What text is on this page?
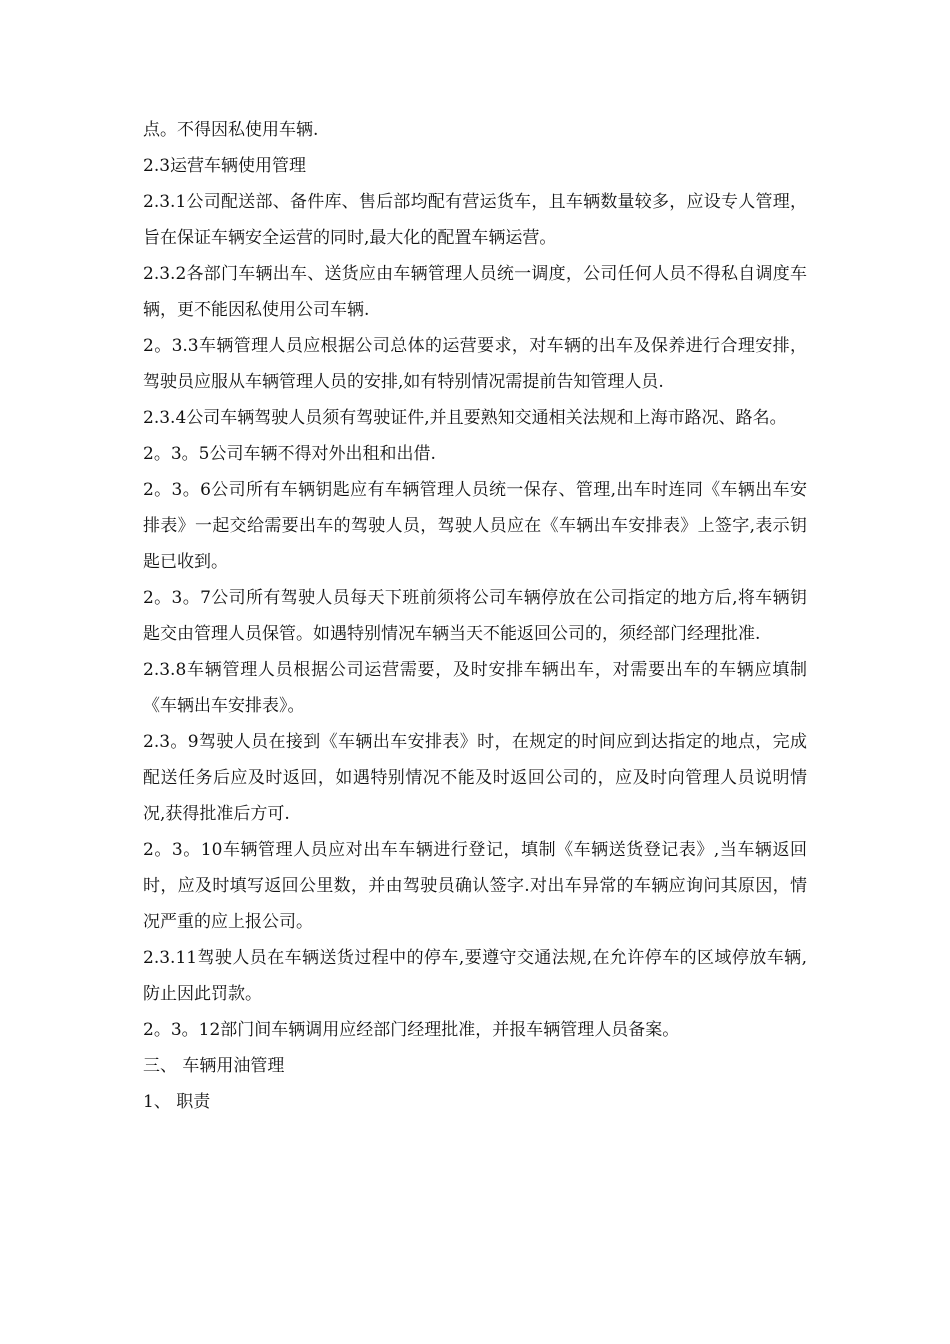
点。不得因私使用车辆.

2.3运营车辆使用管理

2.3.1公司配送部、备件库、售后部均配有营运货车，且车辆数量较多，应设专人管理，旨在保证车辆安全运营的同时,最大化的配置车辆运营。

2.3.2各部门车辆出车、送货应由车辆管理人员统一调度，公司任何人员不得私自调度车辆，更不能因私使用公司车辆.

2。3.3车辆管理人员应根据公司总体的运营要求，对车辆的出车及保养进行合理安排，驾驶员应服从车辆管理人员的安排,如有特别情况需提前告知管理人员.

2.3.4公司车辆驾驶人员须有驾驶证件,并且要熟知交通相关法规和上海市路况、路名。

2。3。5公司车辆不得对外出租和出借.

2。3。6公司所有车辆钥匙应有车辆管理人员统一保存、管理,出车时连同《车辆出车安排表》一起交给需要出车的驾驶人员，驾驶人员应在《车辆出车安排表》上签字,表示钥匙已收到。

2。3。7公司所有驾驶人员每天下班前须将公司车辆停放在公司指定的地方后,将车辆钥匙交由管理人员保管。如遇特别情况车辆当天不能返回公司的，须经部门经理批准.

2.3.8车辆管理人员根据公司运营需要，及时安排车辆出车，对需要出车的车辆应填制《车辆出车安排表》。

2.3。9驾驶人员在接到《车辆出车安排表》时，在规定的时间应到达指定的地点，完成配送任务后应及时返回，如遇特别情况不能及时返回公司的，应及时向管理人员说明情况,获得批准后方可.

2。3。10车辆管理人员应对出车车辆进行登记，填制《车辆送货登记表》,当车辆返回时，应及时填写返回公里数，并由驾驶员确认签字.对出车异常的车辆应询问其原因，情况严重的应上报公司。

2.3.11驾驶人员在车辆送货过程中的停车,要遵守交通法规,在允许停车的区域停放车辆,防止因此罚款。

2。3。12部门间车辆调用应经部门经理批准，并报车辆管理人员备案。

三、 车辆用油管理

1、 职责
